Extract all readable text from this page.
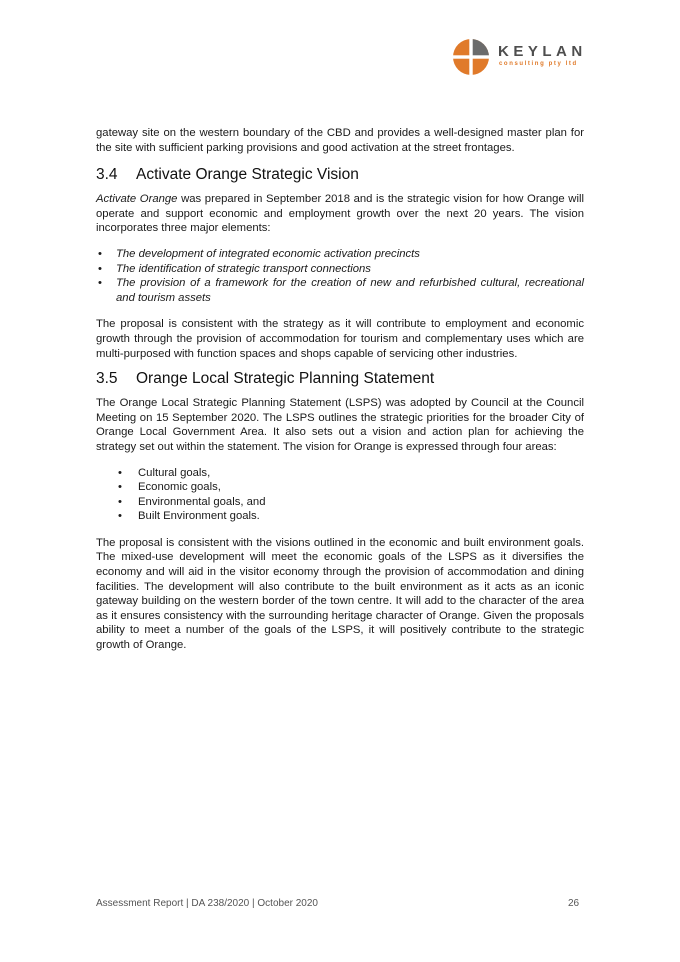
KEYLAN
consulting pty ltd

gateway site on the western boundary of the CBD and provides a well-designed master plan for the site with sufficient parking provisions and good activation at the street frontages.

3.4 Activate Orange Strategic Vision

Activate Orange was prepared in September 2018 and is the strategic vision for how Orange will operate and support economic and employment growth over the next 20 years. The vision incorporates three major elements:

• The development of integrated economic activation precincts
• The identification of strategic transport connections
• The provision of a framework for the creation of new and refurbished cultural, recreational and tourism assets

The proposal is consistent with the strategy as it will contribute to employment and economic growth through the provision of accommodation for tourism and complementary uses which are multi-purposed with function spaces and shops capable of servicing other industries.

3.5 Orange Local Strategic Planning Statement

The Orange Local Strategic Planning Statement (LSPS) was adopted by Council at the Council Meeting on 15 September 2020. The LSPS outlines the strategic priorities for the broader City of Orange Local Government Area. It also sets out a vision and action plan for achieving the strategy set out within the statement. The vision for Orange is expressed through four areas:

• Cultural goals,
• Economic goals,
• Environmental goals, and
• Built Environment goals.

The proposal is consistent with the visions outlined in the economic and built environment goals. The mixed-use development will meet the economic goals of the LSPS as it diversifies the economy and will aid in the visitor economy through the provision of accommodation and dining facilities. The development will also contribute to the built environment as it acts as an iconic gateway building on the western border of the town centre. It will add to the character of the area as it ensures consistency with the surrounding heritage character of Orange. Given the proposals ability to meet a number of the goals of the LSPS, it will positively contribute to the strategic growth of Orange.

Assessment Report | DA 238/2020 | October 2020	26
